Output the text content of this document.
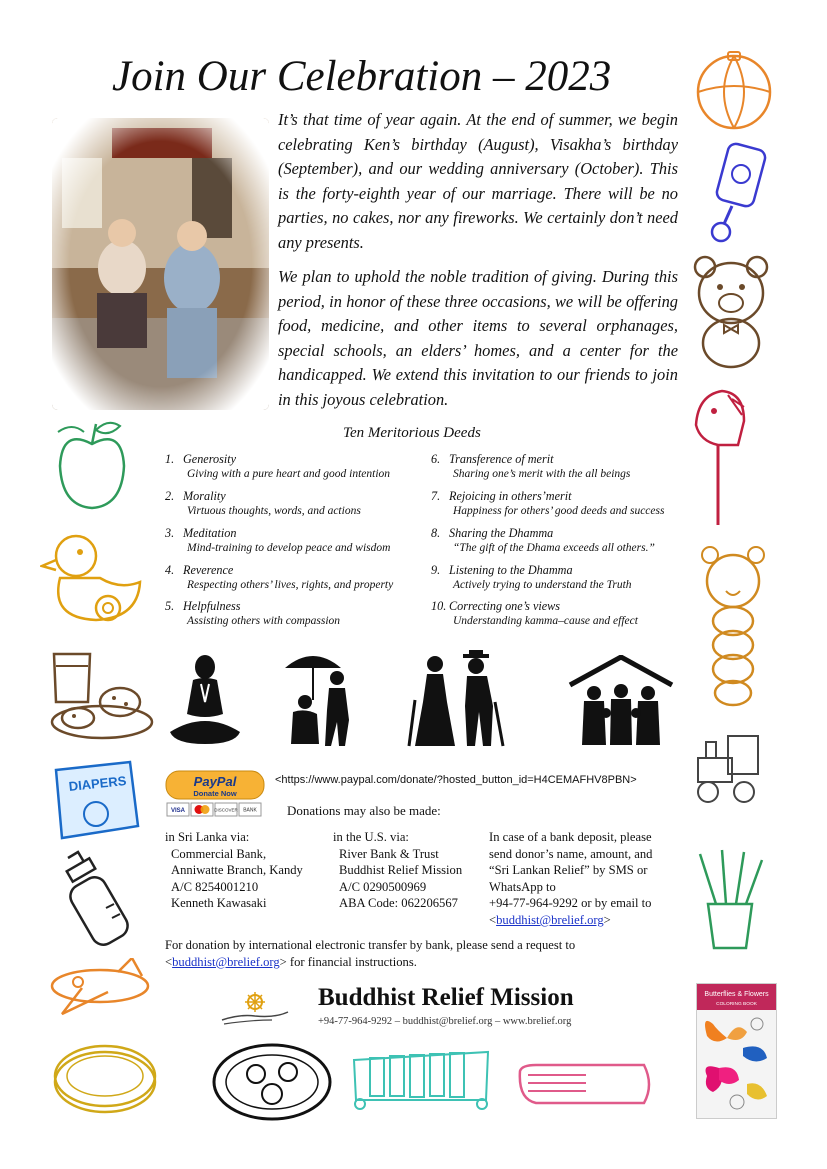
Join Our Celebration – 2023
It’s that time of year again. At the end of summer, we begin celebrating Ken’s birthday (August), Visakha’s birthday (September), and our wedding anniversary (October). This is the forty-eighth year of our marriage. There will be no parties, no cakes, nor any fireworks. We certainly don’t need any presents.
We plan to uphold the noble tradition of giving. During this period, in honor of these three occasions, we will be offering food, medicine, and other items to several orphanages, special schools, an elders’ homes, and a center for the handicapped. We extend this invitation to our friends to join in this joyous celebration.
Ten Meritorious Deeds
1. Generosity
Giving with a pure heart and good intention
2. Morality
Virtuous thoughts, words, and actions
3. Meditation
Mind-training to develop peace and wisdom
4. Reverence
Respecting others’ lives, rights, and property
5. Helpfulness
Assisting others with compassion
6. Transference of merit
Sharing one’s merit with the all beings
7. Rejoicing in others’merit
Happiness for others’ good deeds and success
8. Sharing the Dhamma
“The gift of the Dhama exceeds all others.”
9. Listening to the Dhamma
Actively trying to understand the Truth
10. Correcting one’s views
Understanding kamma–cause and effect
PayPal
Donate Now
VISA	DISCOVER BANK
<https://www.paypal.com/donate/?hosted_button_id=H4CEMAFHV8PBN>
Donations may also be made:
in Sri Lanka via:
Commercial Bank,
Anniwatte Branch, Kandy
A/C 8254001210
Kenneth Kawasaki
in the U.S. via:
River Bank & Trust
Buddhist Relief Mission
A/C 0290500969
ABA Code: 062206567
In case of a bank deposit, please
send donor’s name, amount, and
“Sri Lankan Relief” by SMS or
WhatsApp to
+94-77-964-9292 or by email to
<buddhist@brelief.org>
For donation by international electronic transfer by bank, please send a request to
<buddhist@brelief.org> for financial instructions.
Buddhist Relief Mission
+94-77-964-9292 – buddhist@brelief.org – www.brelief.org
DIAPERS
Butterflies & Flowers
COLORING BOOK
